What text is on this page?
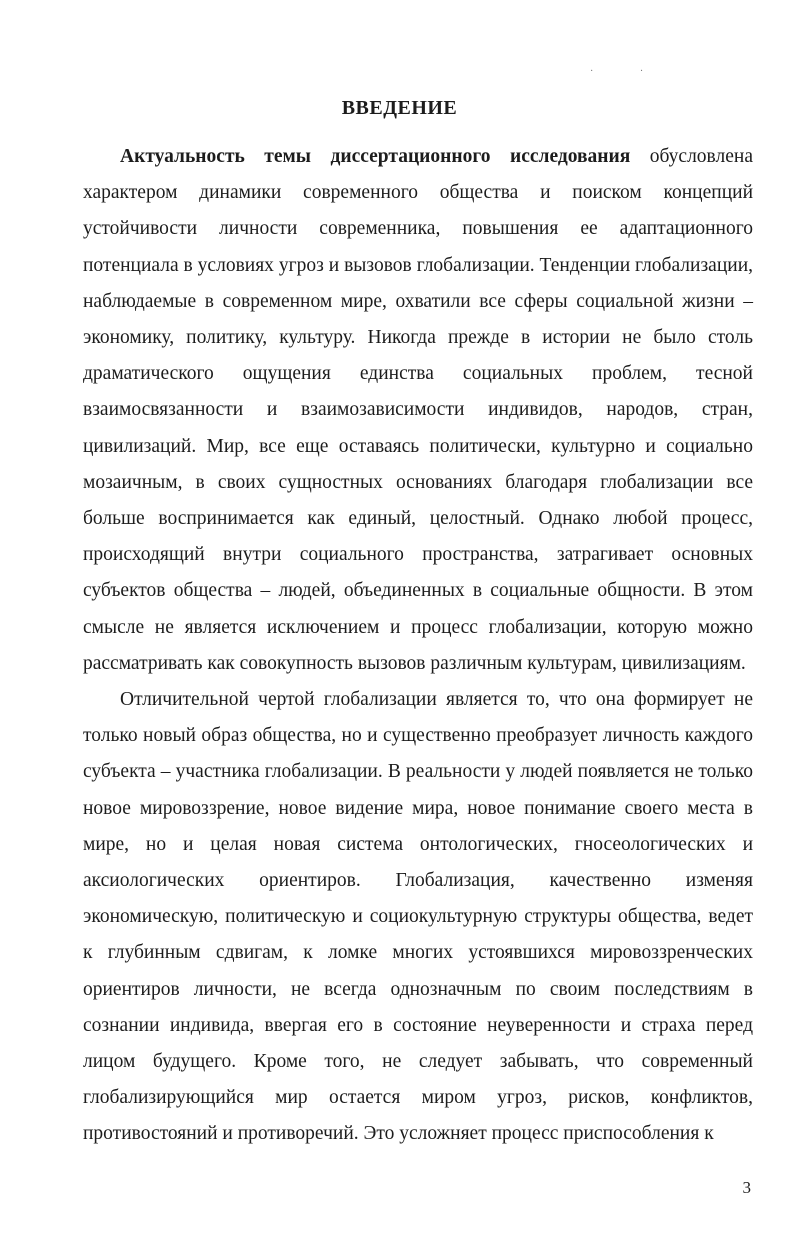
· ·
ВВЕДЕНИЕ

Актуальность темы диссертационного исследования обусловлена характером динамики современного общества и поиском концепций устойчивости личности современника, повышения ее адаптационного потенциала в условиях угроз и вызовов глобализации. Тенденции глобализации, наблюдаемые в современном мире, охватили все сферы социальной жизни – экономику, политику, культуру. Никогда прежде в истории не было столь драматического ощущения единства социальных проблем, тесной взаимосвязанности и взаимозависимости индивидов, народов, стран, цивилизаций. Мир, все еще оставаясь политически, культурно и социально мозаичным, в своих сущностных основаниях благодаря глобализации все больше воспринимается как единый, целостный. Однако любой процесс, происходящий внутри социального пространства, затрагивает основных субъектов общества – людей, объединенных в социальные общности. В этом смысле не является исключением и процесс глобализации, которую можно рассматривать как совокупность вызовов различным культурам, цивилизациям.

Отличительной чертой глобализации является то, что она формирует не только новый образ общества, но и существенно преобразует личность каждого субъекта – участника глобализации. В реальности у людей появляется не только новое мировоззрение, новое видение мира, новое понимание своего места в мире, но и целая новая система онтологических, гносеологических и аксиологических ориентиров. Глобализация, качественно изменяя экономическую, политическую и социокультурную структуры общества, ведет к глубинным сдвигам, к ломке многих устоявшихся мировоззренческих ориентиров личности, не всегда однозначным по своим последствиям в сознании индивида, ввергая его в состояние неуверенности и страха перед лицом будущего. Кроме того, не следует забывать, что современный глобализирующийся мир остается миром угроз, рисков, конфликтов, противостояний и противоречий. Это усложняет процесс приспособления к

3
